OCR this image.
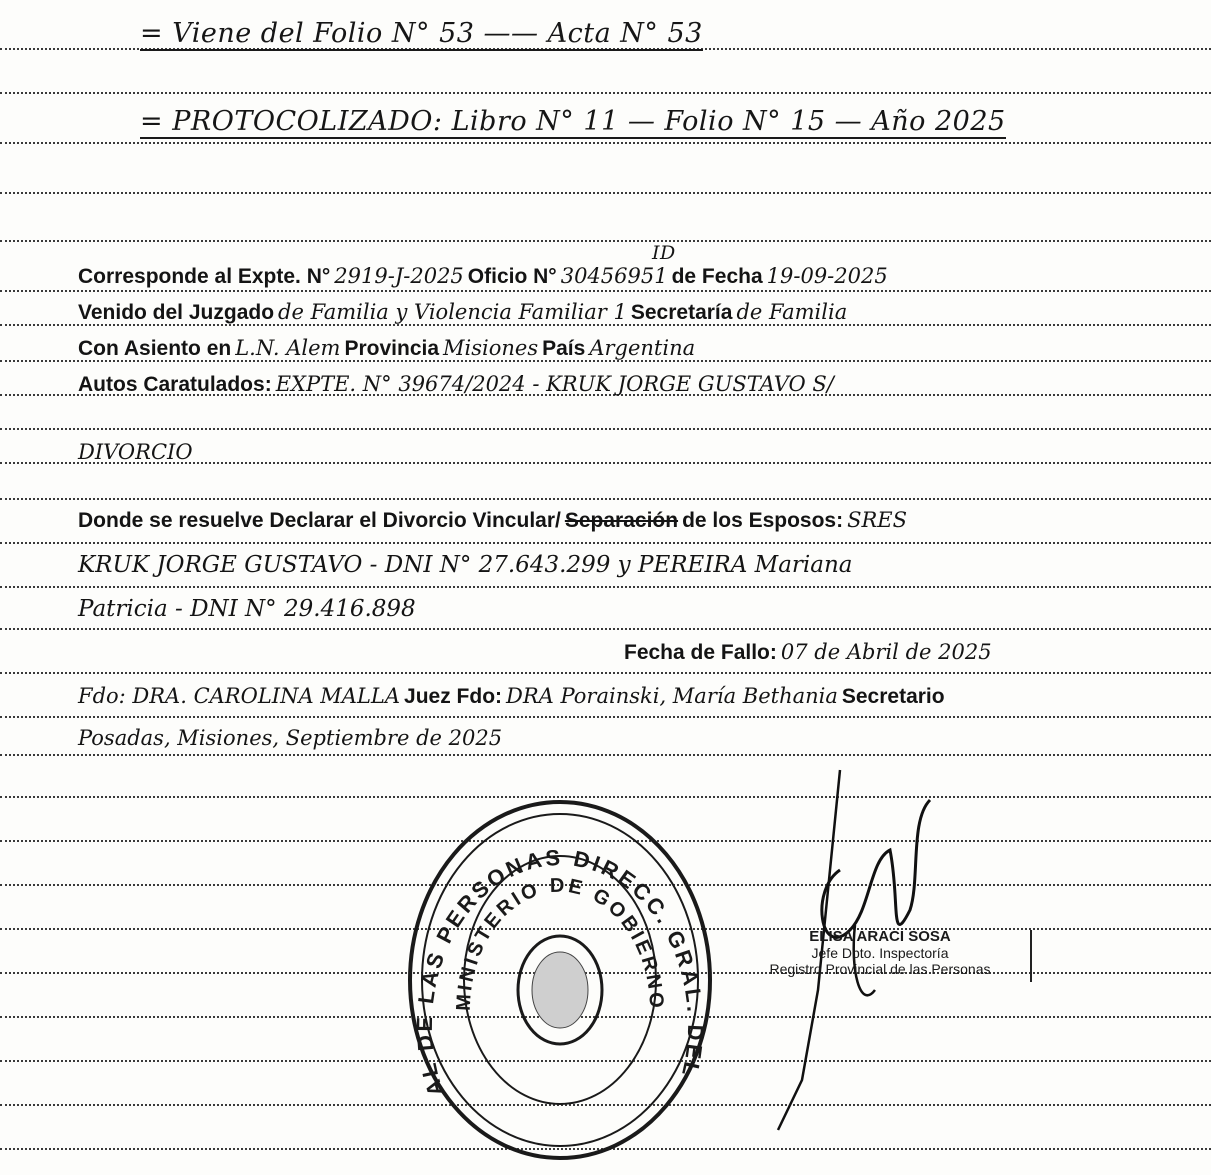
= Viene del Folio N° 53 —— Acta N° 53
= PROTOCOLIZADO: Libro N° 11 — Folio N° 15 — Año 2025
Corresponde al Expte. N° 2919-J-2025 Oficio N° 30456951 de Fecha 19-09-2025
ID
Venido del Juzgado de Familia y Violencia Familiar 1 Secretaría de Familia
Con Asiento en L.N. Alem Provincia Misiones País Argentina
Autos Caratulados: EXPTE. N° 39674/2024 - KRUK JORGE GUSTAVO S/
DIVORCIO
Donde se resuelve Declarar el Divorcio Vincular/ Separación de los Esposos: SRES
KRUK JORGE GUSTAVO - DNI N° 27.643.299 y PEREIRA Mariana
Patricia - DNI N° 29.416.898
Fecha de Fallo: 07 de Abril de 2025
Fdo: DRA. CAROLINA MALLA Juez Fdo: DRA Porainski, María Bethania Secretario
Posadas, Misiones, Septiembre de 2025
AL DE LAS PERSONAS DIRECC. GRAL. DEL
MINISTERIO DE GOBIERNO
ELISA ARACI SOSA
Jefe Dpto. Inspectoría
Registro Provincial de las Personas
